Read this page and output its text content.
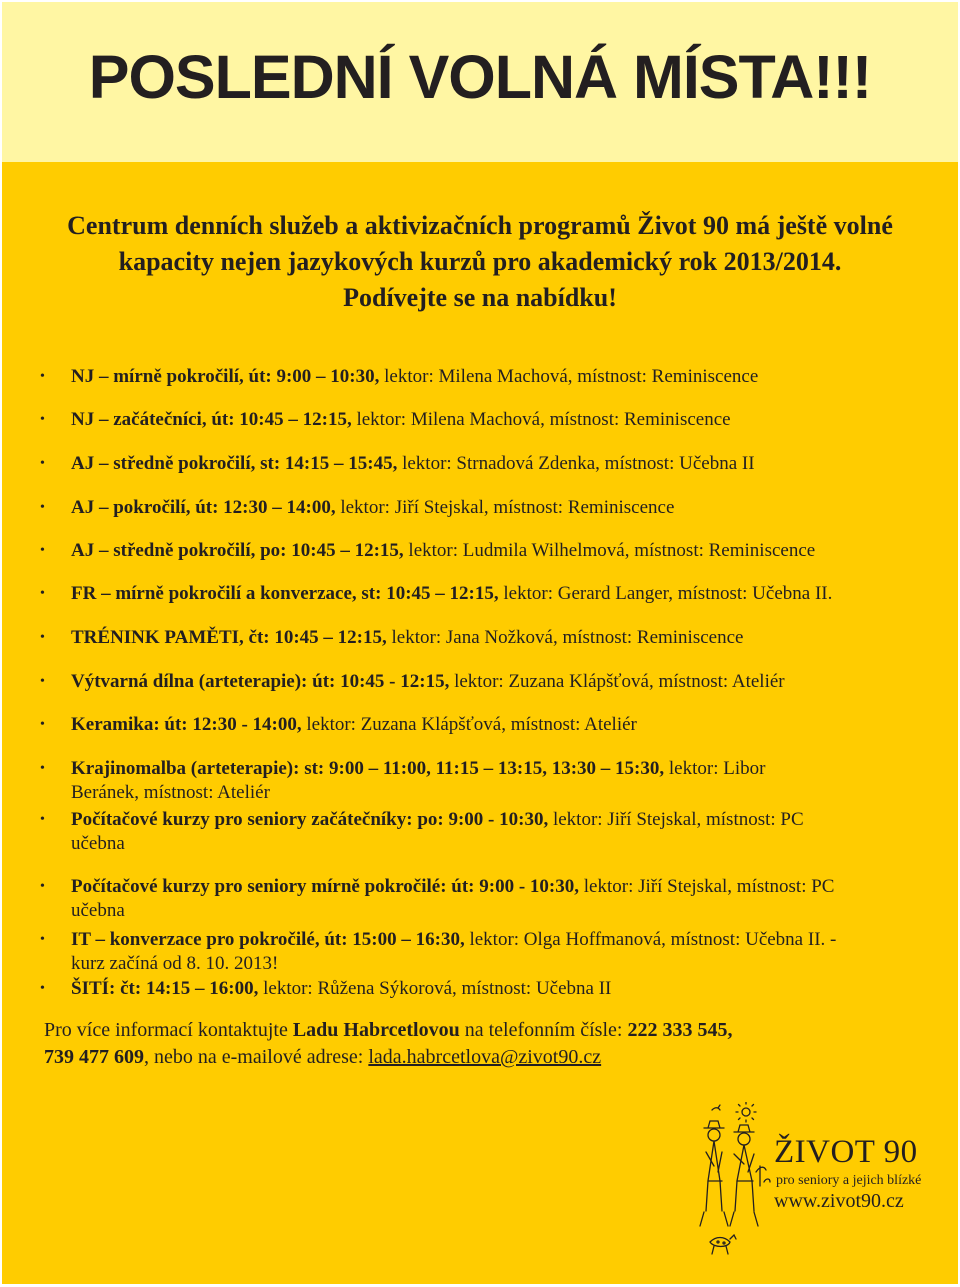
POSLEDNÍ VOLNÁ MÍSTA!!!
Centrum denních služeb a aktivizačních programů Život 90 má ještě volné
kapacity nejen jazykových kurzů pro akademický rok 2013/2014.
Podívejte se na nabídku!
•	NJ – mírně pokročilí, út: 9:00 – 10:30, lektor: Milena Machová, místnost: Reminiscence
•	NJ – začátečníci, út: 10:45 – 12:15, lektor: Milena Machová, místnost: Reminiscence
•	AJ – středně pokročilí, st: 14:15 – 15:45, lektor: Strnadová Zdenka, místnost: Učebna II
•	AJ – pokročilí, út: 12:30 – 14:00, lektor: Jiří Stejskal, místnost: Reminiscence
•	AJ – středně pokročilí, po: 10:45 – 12:15, lektor: Ludmila Wilhelmová, místnost: Reminiscence
•	FR – mírně pokročilí a konverzace, st: 10:45 – 12:15, lektor: Gerard Langer, místnost: Učebna II.
•	TRÉNINK PAMĚTI, čt: 10:45 – 12:15, lektor: Jana Nožková, místnost: Reminiscence
•	Výtvarná dílna (arteterapie): út: 10:45 - 12:15, lektor: Zuzana Klápšťová, místnost: Ateliér
•	Keramika: út: 12:30 - 14:00, lektor: Zuzana Klápšťová, místnost: Ateliér
•	Krajinomalba (arteterapie): st: 9:00 – 11:00, 11:15 – 13:15, 13:30 – 15:30, lektor: Libor
Beránek, místnost: Ateliér
•	Počítačové kurzy pro seniory začátečníky: po: 9:00 - 10:30, lektor: Jiří Stejskal, místnost: PC
učebna
•	Počítačové kurzy pro seniory mírně pokročilé: út: 9:00 - 10:30, lektor: Jiří Stejskal, místnost: PC
učebna
•	IT – konverzace pro pokročilé, út: 15:00 – 16:30, lektor: Olga Hoffmanová, místnost: Učebna II. -
kurz začíná od 8. 10. 2013!
•	ŠITÍ: čt: 14:15 – 16:00, lektor: Růžena Sýkorová, místnost: Učebna II
Pro více informací kontaktujte Ladu Habrcetlovou na telefonním čísle: 222 333 545,
739 477 609, nebo na e-mailové adrese: lada.habrcetlova@zivot90.cz
ŽIVOT 90
pro seniory a jejich blízké
www.zivot90.cz
